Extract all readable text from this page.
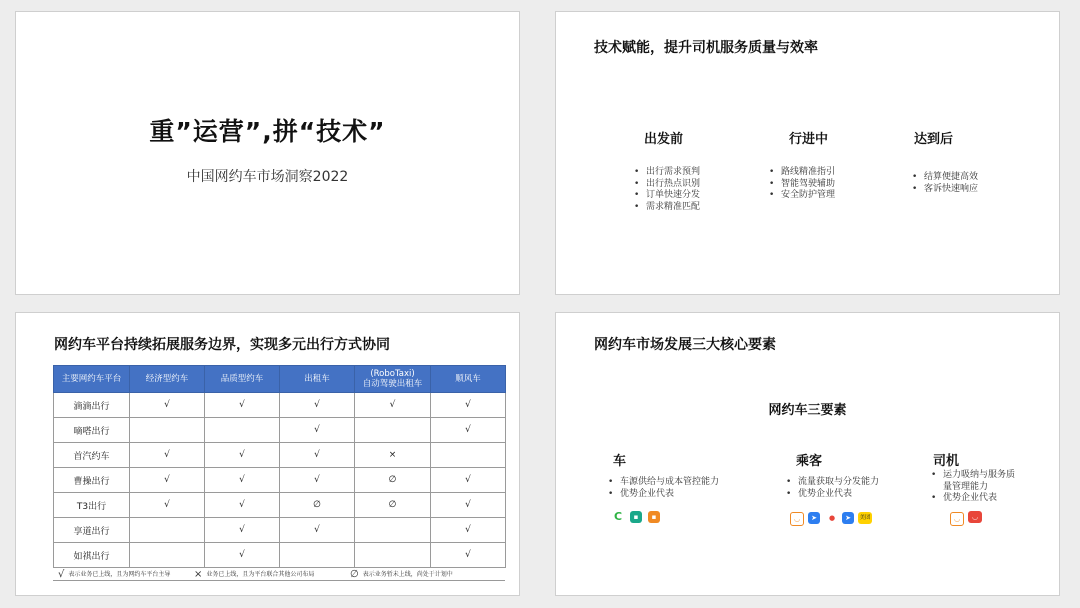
重”运营”,拼“技术”
中国网约车市场洞察2022
技术赋能，提升司机服务质量与效率
出发前
• 出行需求预判
• 出行热点识别
• 订单快速分发
• 需求精准匹配
行进中
• 路线精准指引
• 智能驾驶辅助
• 安全防护管理
达到后
• 结算便捷高效
• 客诉快速响应
网约车平台持续拓展服务边界，实现多元出行方式协同
主要网约车平台	经济型约车	品质型约车	出租车	(RoboTaxi)
自动驾驶出租车	顺风车
滴滴出行	√	√	√	√	√
嘀嗒出行			√		√
首汽约车	√	√	√	×	
曹操出行	√	√	√	∅	√
T3出行	√	√	∅	∅	√
享道出行		√	√		√
如祺出行		√			√
√ 表示业务已上线，且为网约车平台主导 × 业务已上线，且为平台联合其他公司布局	∅ 表示业务暂未上线，尚处于计划中
网约车市场发展三大核心要素
网约车三要素
车
• 车源供给与成本管控能力
• 优势企业代表
C	▪	▪
乘客
• 流量获取与分发能力
• 优势企业代表
◡	➤	●	➤	美团
司机
• 运力吸纳与服务质
量管理能力
• 优势企业代表
◡	◡
